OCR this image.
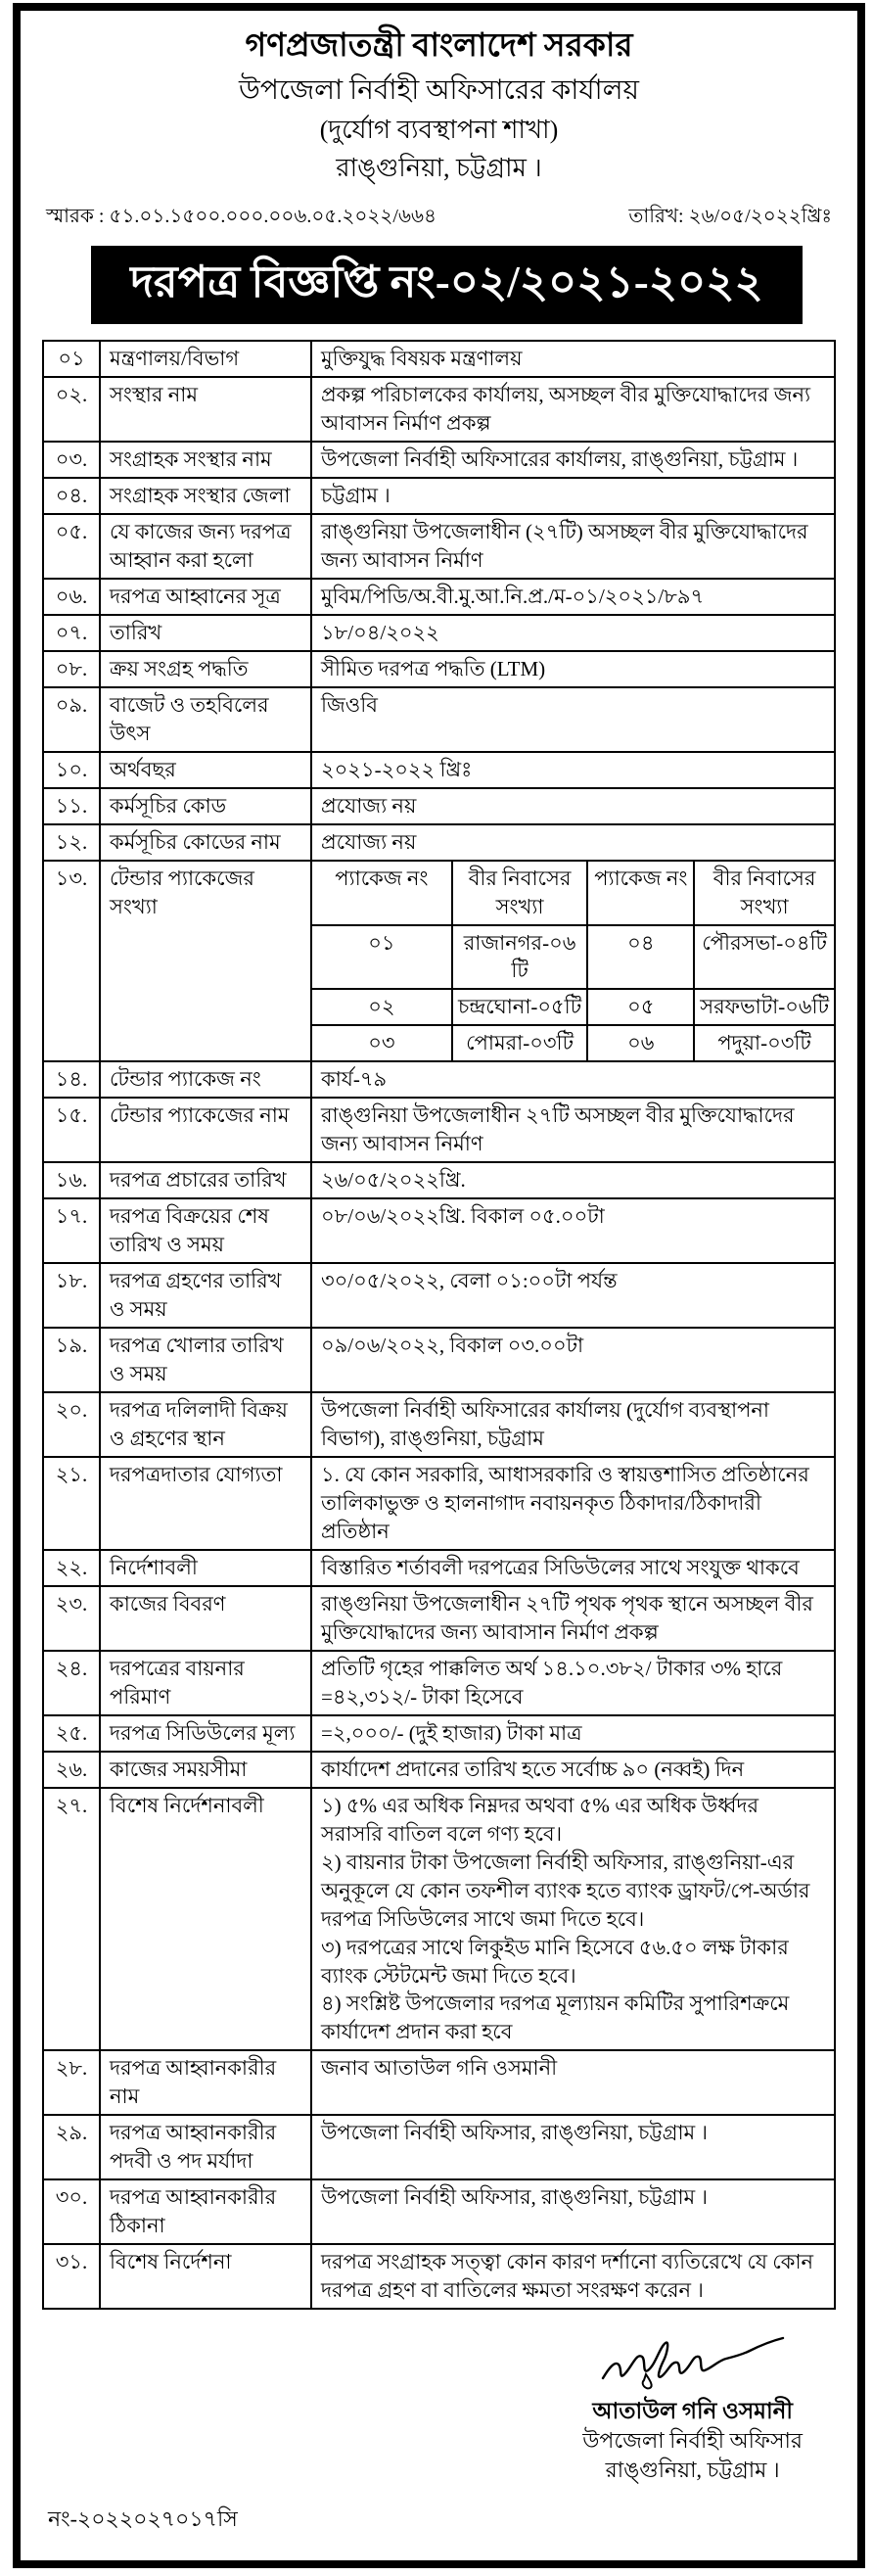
গণপ্রজাতন্ত্রী বাংলাদেশ সরকার
উপজেলা নির্বাহী অফিসারের কার্যালয়
(দুর্যোগ ব্যবস্থাপনা শাখা)
রাঙ্গুনিয়া, চট্টগ্রাম ।
স্মারক : ৫১.০১.১৫০০.০০০.০০৬.০৫.২০২২/৬৬৪	তারিখ: ২৬/০৫/২০২২খ্রিঃ
দরপত্র বিজ্ঞপ্তি নং-০২/২০২১-২০২২
০১	মন্ত্রণালয়/বিভাগ	মুক্তিযুদ্ধ বিষয়ক মন্ত্রণালয়
০২.	সংস্থার নাম	প্রকল্প পরিচালকের কার্যালয়, অসচ্ছল বীর মুক্তিযোদ্ধাদের জন্য আবাসন নির্মাণ প্রকল্প
০৩.	সংগ্রাহক সংস্থার নাম	উপজেলা নির্বাহী অফিসারের কার্যালয়, রাঙ্গুনিয়া, চট্টগ্রাম ।
০৪.	সংগ্রাহক সংস্থার জেলা	চট্টগ্রাম ।
০৫.	যে কাজের জন্য দরপত্র আহ্বান করা হলো	রাঙ্গুনিয়া উপজেলাধীন (২৭টি) অসচ্ছল বীর মুক্তিযোদ্ধাদের জন্য আবাসন নির্মাণ
০৬.	দরপত্র আহ্বানের সূত্র	মুবিম/পিডি/অ.বী.মু.আ.নি.প্র./ম-০১/২০২১/৮৯৭
০৭.	তারিখ	১৮/০৪/২০২২
০৮.	ক্রয় সংগ্রহ পদ্ধতি	সীমিত দরপত্র পদ্ধতি (LTM)
০৯.	বাজেট ও তহবিলের উৎস	জিওবি
১০.	অর্থবছর	২০২১-২০২২ খ্রিঃ
১১.	কর্মসূচির কোড	প্রযোজ্য নয়
১২.	কর্মসূচির কোডের নাম	প্রযোজ্য নয়
১৩.	টেন্ডার প্যাকেজের সংখ্যা	
প্যাকেজ নং	বীর নিবাসের সংখ্যা	প্যাকেজ নং	বীর নিবাসের সংখ্যা
০১	রাজানগর-০৬টি	০৪	পৌরসভা-০৪টি
০২	চন্দ্রঘোনা-০৫টি	০৫	সরফভাটা-০৬টি
০৩	পোমরা-০৩টি	০৬	পদুয়া-০৩টি

১৪.	টেন্ডার প্যাকেজ নং	কার্য-৭৯
১৫.	টেন্ডার প্যাকেজের নাম	রাঙ্গুনিয়া উপজেলাধীন ২৭টি অসচ্ছল বীর মুক্তিযোদ্ধাদের জন্য আবাসন নির্মাণ
১৬.	দরপত্র প্রচারের তারিখ	২৬/০৫/২০২২খ্রি.
১৭.	দরপত্র বিক্রয়ের শেষ তারিখ ও সময়	০৮/০৬/২০২২খ্রি. বিকাল ০৫.০০টা
১৮.	দরপত্র গ্রহণের তারিখ ও সময়	৩০/০৫/২০২২, বেলা ০১:০০টা পর্যন্ত
১৯.	দরপত্র খোলার তারিখ ও সময়	০৯/০৬/২০২২, বিকাল ০৩.০০টা
২০.	দরপত্র দলিলাদী বিক্রয় ও গ্রহণের স্থান	উপজেলা নির্বাহী অফিসারের কার্যালয় (দুর্যোগ ব্যবস্থাপনা বিভাগ), রাঙ্গুনিয়া, চট্টগ্রাম
২১.	দরপত্রদাতার যোগ্যতা	১. যে কোন সরকারি, আধাসরকারি ও স্বায়ত্তশাসিত প্রতিষ্ঠানের তালিকাভুক্ত ও হালনাগাদ নবায়নকৃত ঠিকাদার/ঠিকাদারী প্রতিষ্ঠান
২২.	নির্দেশাবলী	বিস্তারিত শর্তাবলী দরপত্রের সিডিউলের সাথে সংযুক্ত থাকবে
২৩.	কাজের বিবরণ	রাঙ্গুনিয়া উপজেলাধীন ২৭টি পৃথক পৃথক স্থানে অসচ্ছল বীর মুক্তিযোদ্ধাদের জন্য আবাসান নির্মাণ প্রকল্প
২৪.	দরপত্রের বায়নার পরিমাণ	প্রতিটি গৃহের পাক্কলিত অর্থ ১৪.১০.৩৮২/ টাকার ৩% হারে =৪২,৩১২/- টাকা হিসেবে
২৫.	দরপত্র সিডিউলের মূল্য	=২,০০০/- (দুই হাজার) টাকা মাত্র
২৬.	কাজের সময়সীমা	কার্যাদেশ প্রদানের তারিখ হতে সর্বোচ্চ ৯০ (নব্বই) দিন
২৭.	বিশেষ নির্দেশনাবলী	১) ৫% এর অধিক নিম্নদর অথবা ৫% এর অধিক উর্ধ্বদর সরাসরি বাতিল বলে গণ্য হবে।
২) বায়নার টাকা উপজেলা নির্বাহী অফিসার, রাঙ্গুনিয়া-এর অনুকূলে যে কোন তফশীল ব্যাংক হতে ব্যাংক ড্রাফট/পে-অর্ডার দরপত্র সিডিউলের সাথে জমা দিতে হবে।
৩) দরপত্রের সাথে লিকুইড মানি হিসেবে ৫৬.৫০ লক্ষ টাকার ব্যাংক স্টেটমেন্ট জমা দিতে হবে।
৪) সংশ্লিষ্ট উপজেলার দরপত্র মূল্যায়ন কমিটির সুপারিশক্রমে কার্যাদেশ প্রদান করা হবে

২৮.	দরপত্র আহ্বানকারীর নাম	জনাব আতাউল গনি ওসমানী
২৯.	দরপত্র আহ্বানকারীর পদবী ও পদ মর্যাদা	উপজেলা নির্বাহী অফিসার, রাঙ্গুনিয়া, চট্টগ্রাম ।
৩০.	দরপত্র আহ্বানকারীর ঠিকানা	উপজেলা নির্বাহী অফিসার, রাঙ্গুনিয়া, চট্টগ্রাম ।
৩১.	বিশেষ নির্দেশনা	দরপত্র সংগ্রাহক সত্ত্বা কোন কারণ দর্শানো ব্যতিরেখে যে কোন দরপত্র গ্রহণ বা বাতিলের ক্ষমতা সংরক্ষণ করেন ।
আতাউল গনি ওসমানী
উপজেলা নির্বাহী অফিসার
রাঙ্গুনিয়া, চট্টগ্রাম ।
নং-২০২২০২৭০১৭সি
